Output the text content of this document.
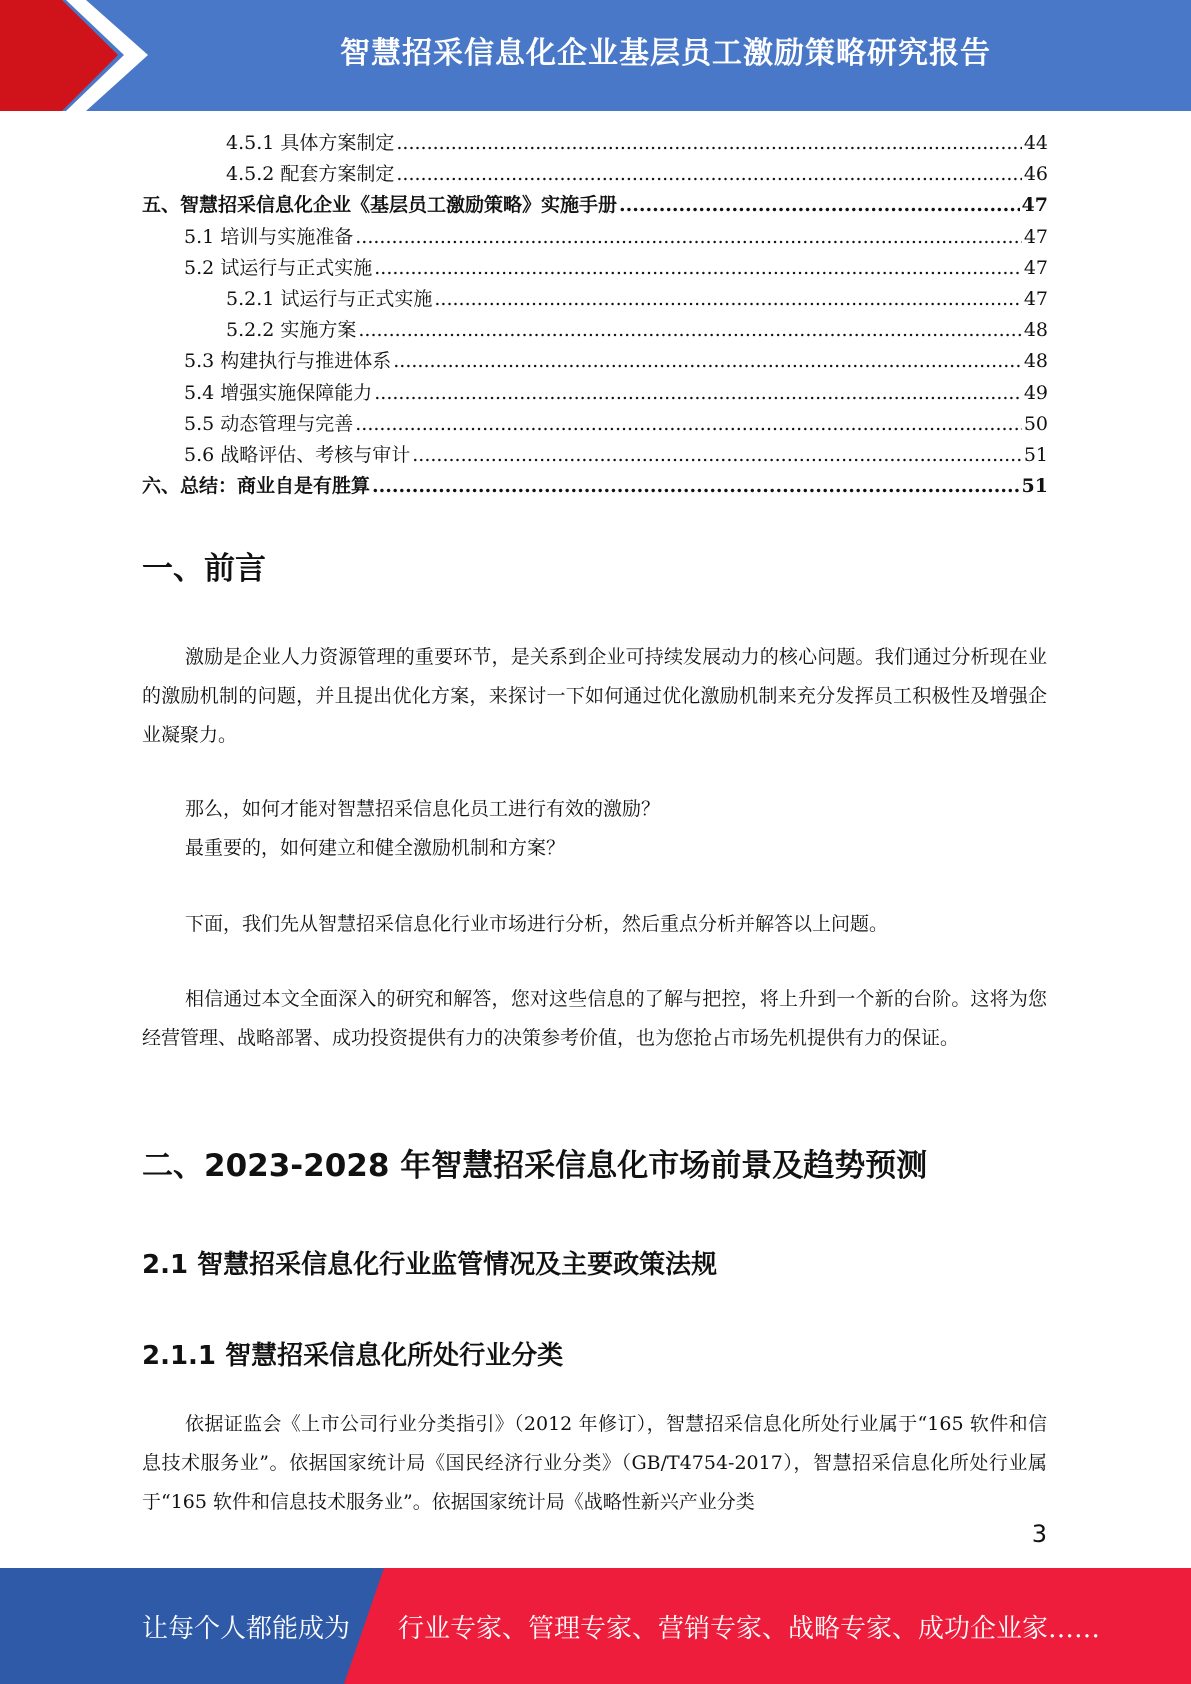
智慧招采信息化企业基层员工激励策略研究报告
4.5.1 具体方案制定 .....	44
4.5.2 配套方案制定 .....	46
五、智慧招采信息化企业《基层员工激励策略》实施手册 .....	47
5.1 培训与实施准备 .....	47
5.2 试运行与正式实施 .....	47
5.2.1 试运行与正式实施 .....	47
5.2.2 实施方案 .....	48
5.3 构建执行与推进体系 .....	48
5.4 增强实施保障能力 .....	49
5.5 动态管理与完善 .....	50
5.6 战略评估、考核与审计 .....	51
六、总结：商业自是有胜算 .....	51
一、前言

激励是企业人力资源管理的重要环节，是关系到企业可持续发展动力的核心问题。我们通过分析现在业的激励机制的问题，并且提出优化方案，来探讨一下如何通过优化激励机制来充分发挥员工积极性及增强企业凝聚力。

那么，如何才能对智慧招采信息化员工进行有效的激励？

最重要的，如何建立和健全激励机制和方案？

下面，我们先从智慧招采信息化行业市场进行分析，然后重点分析并解答以上问题。

相信通过本文全面深入的研究和解答，您对这些信息的了解与把控，将上升到一个新的台阶。这将为您经营管理、战略部署、成功投资提供有力的决策参考价值，也为您抢占市场先机提供有力的保证。

二、2023-2028 年智慧招采信息化市场前景及趋势预测
2.1 智慧招采信息化行业监管情况及主要政策法规
2.1.1 智慧招采信息化所处行业分类

依据证监会《上市公司行业分类指引》（2012 年修订），智慧招采信息化所处行业属于“165 软件和信息技术服务业”。依据国家统计局《国民经济行业分类》（GB/T4754-2017），智慧招采信息化所处行业属于“165 软件和信息技术服务业”。依据国家统计局《战略性新兴产业分类

3
让每个人都能成为 行业专家、管理专家、营销专家、战略专家、成功企业家……
